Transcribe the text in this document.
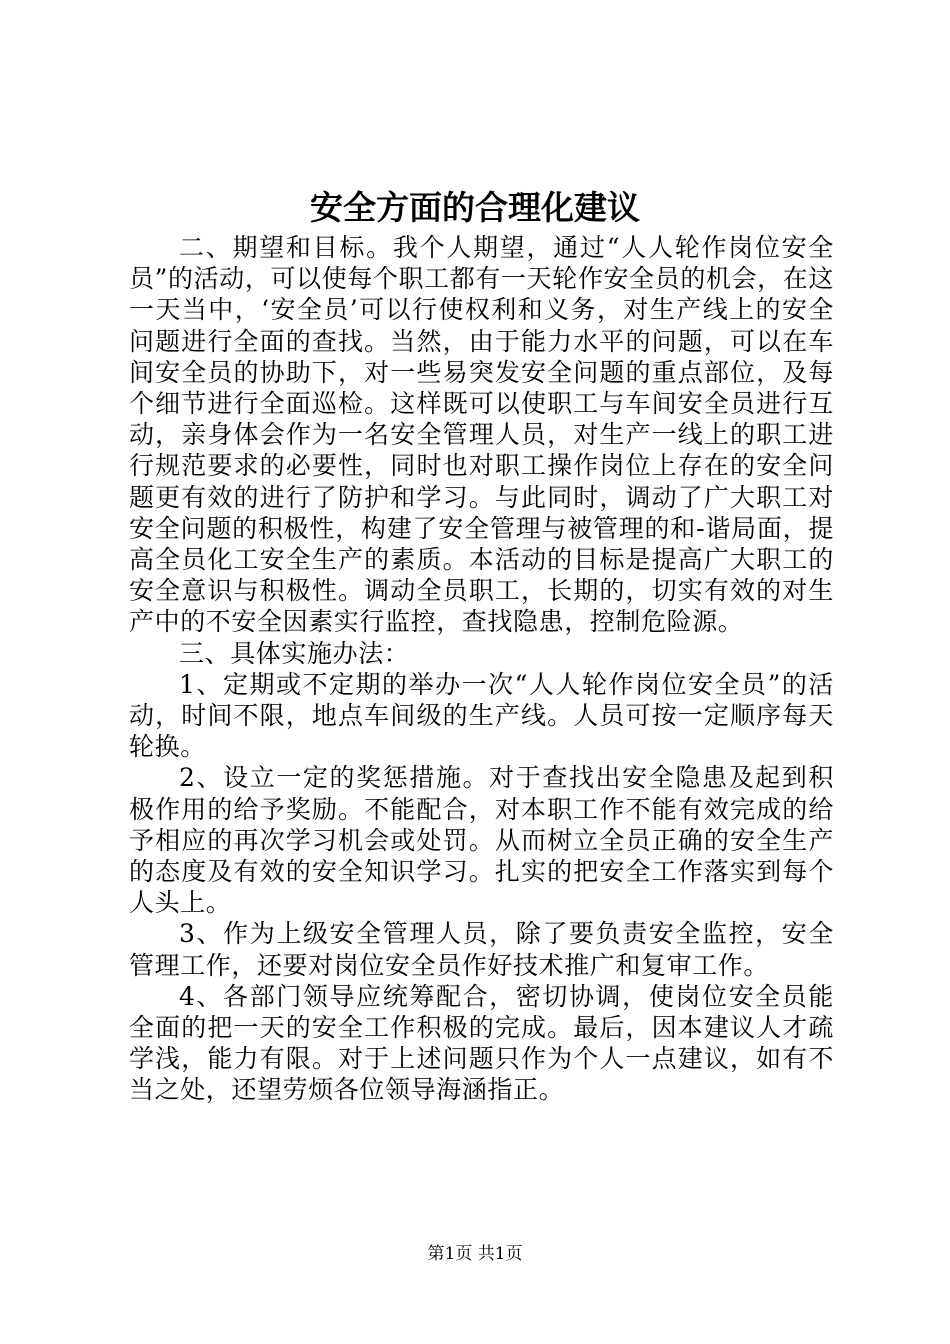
安全方面的合理化建议

二、期望和目标。我个人期望，通过“人人轮作岗位安全员”的活动，可以使每个职工都有一天轮作安全员的机会，在这一天当中，‘安全员’可以行使权利和义务，对生产线上的安全问题进行全面的查找。当然，由于能力水平的问题，可以在车间安全员的协助下，对一些易突发安全问题的重点部位，及每个细节进行全面巡检。这样既可以使职工与车间安全员进行互动，亲身体会作为一名安全管理人员，对生产一线上的职工进行规范要求的必要性，同时也对职工操作岗位上存在的安全问题更有效的进行了防护和学习。与此同时，调动了广大职工对安全问题的积极性，构建了安全管理与被管理的和-谐局面，提高全员化工安全生产的素质。本活动的目标是提高广大职工的安全意识与积极性。调动全员职工，长期的，切实有效的对生产中的不安全因素实行监控，查找隐患，控制危险源。

三、具体实施办法：

1、定期或不定期的举办一次“人人轮作岗位安全员”的活动，时间不限，地点车间级的生产线。人员可按一定顺序每天轮换。

2、设立一定的奖惩措施。对于查找出安全隐患及起到积极作用的给予奖励。不能配合，对本职工作不能有效完成的给予相应的再次学习机会或处罚。从而树立全员正确的安全生产的态度及有效的安全知识学习。扎实的把安全工作落实到每个人头上。

3、作为上级安全管理人员，除了要负责安全监控，安全管理工作，还要对岗位安全员作好技术推广和复审工作。

4、各部门领导应统筹配合，密切协调，使岗位安全员能全面的把一天的安全工作积极的完成。最后，因本建议人才疏学浅，能力有限。对于上述问题只作为个人一点建议，如有不当之处，还望劳烦各位领导海涵指正。

第1页 共1页
